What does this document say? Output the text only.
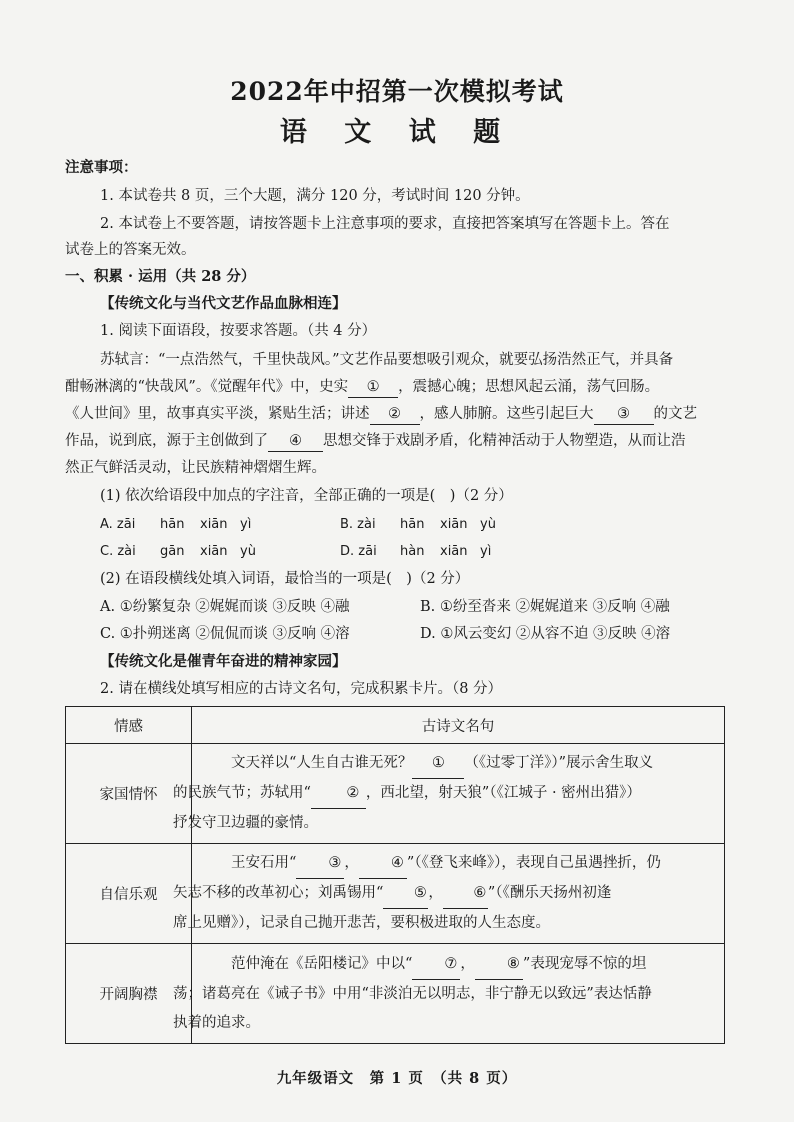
2022年中招第一次模拟考试
语 文 试 题
注意事项：
1. 本试卷共 8 页，三个大题，满分 120 分，考试时间 120 分钟。
2. 本试卷上不要答题，请按答题卡上注意事项的要求，直接把答案填写在答题卡上。答在
试卷上的答案无效。
一、积累 · 运用（共 28 分）
【传统文化与当代文艺作品血脉相连】
1. 阅读下面语段，按要求答题。（共 4 分）
苏轼言：“一点浩然气，千里快哉风。”文艺作品要想吸引观众，就要弘扬浩然正气，并具备
酣畅淋漓的“快哉风”。《觉醒年代》中，史实 ① ，震撼心魄；思想风起云涌，荡气回肠。
《人世间》里，故事真实平淡，紧贴生活；讲述 ② ，感人肺腑。这些引起巨大 ③ 的文艺
作品，说到底，源于主创做到了 ④ 思想交锋于戏剧矛盾，化精神活动于人物塑造，从而让浩
然正气鲜活灵动，让民族精神熠熠生辉。
(1) 依次给语段中加点的字注音，全部正确的一项是(　)（2 分）
A. zāi hān xiān yì	B. zài hān xiān yù
C. zài gān xiān yù	D. zāi hàn xiān yì
(2) 在语段横线处填入词语，最恰当的一项是(　)（2 分）
A. ①纷繁复杂 ②娓娓而谈 ③反映 ④融	B. ①纷至沓来 ②娓娓道来 ③反响 ④融
C. ①扑朔迷离 ②侃侃而谈 ③反响 ④溶	D. ①风云变幻 ②从容不迫 ③反映 ④溶
【传统文化是催青年奋进的精神家园】
2. 请在横线处填写相应的古诗文名句，完成积累卡片。（8 分）
情感	古诗文名句
家国情怀	文天祥以“人生自古谁无死？ ① （《过零丁洋》）”展示舍生取义
的民族气节；苏轼用“ ② ，西北望，射天狼”（《江城子 · 密州出猎》）
抒发守卫边疆的豪情。
自信乐观	王安石用“ ③ ， ④ ”（《登飞来峰》），表现自己虽遇挫折，仍
矢志不移的改革初心；刘禹锡用“ ⑤ ， ⑥ ”（《酬乐天扬州初逢
席上见赠》），记录自己抛开悲苦，要积极进取的人生态度。
开阔胸襟	范仲淹在《岳阳楼记》中以“ ⑦ ， ⑧ ”表现宠辱不惊的坦
荡；诸葛亮在《诫子书》中用“非淡泊无以明志，非宁静无以致远”表达恬静
执着的追求。
九年级语文　第 1 页　（共 8 页）
